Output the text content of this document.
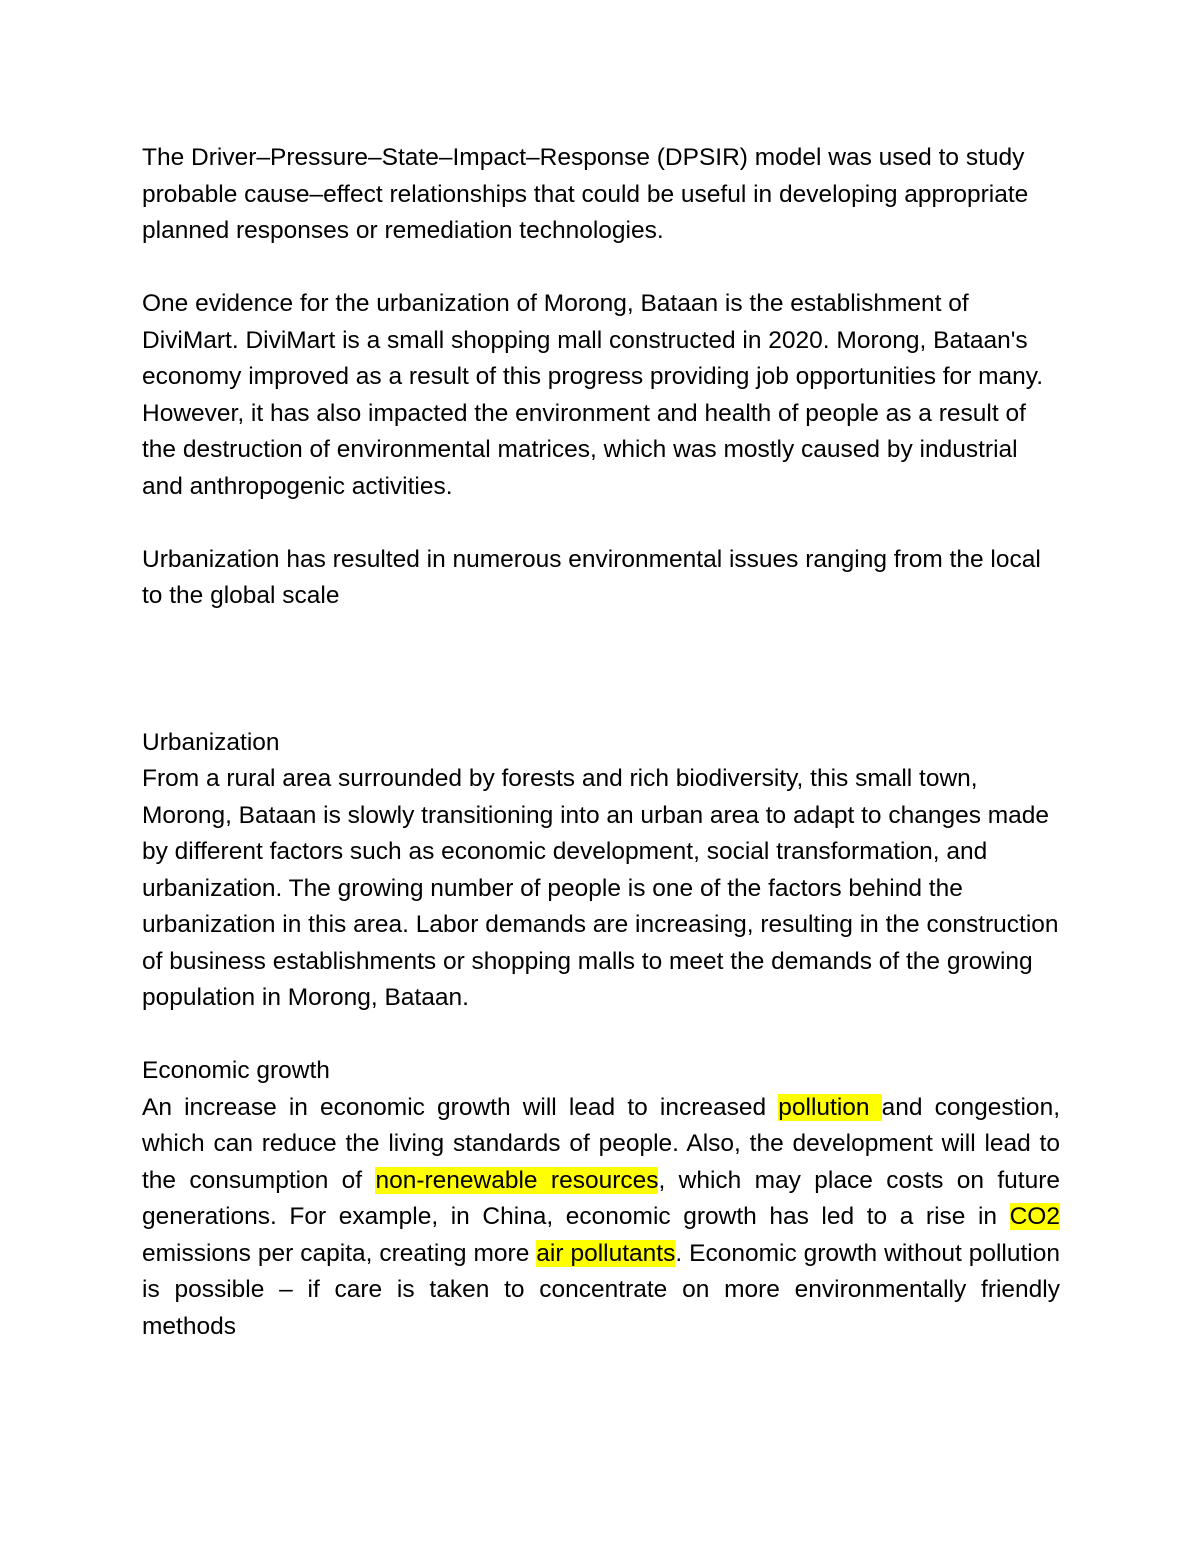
The Driver–Pressure–State–Impact–Response (DPSIR) model was used to study probable cause–effect relationships that could be useful in developing appropriate planned responses or remediation technologies.

One evidence for the urbanization of Morong, Bataan is the establishment of DiviMart. DiviMart is a small shopping mall constructed in 2020. Morong, Bataan's economy improved as a result of this progress providing job opportunities for many. However, it has also impacted the environment and health of people as a result of the destruction of environmental matrices, which was mostly caused by industrial and anthropogenic activities.

Urbanization has resulted in numerous environmental issues ranging from the local to the global scale

Urbanization

From a rural area surrounded by forests and rich biodiversity, this small town, Morong, Bataan is slowly transitioning into an urban area to adapt to changes made by different factors such as economic development, social transformation, and urbanization. The growing number of people is one of the factors behind the urbanization in this area. Labor demands are increasing, resulting in the construction of business establishments or shopping malls to meet the demands of the growing population in Morong, Bataan.

Economic growth

An increase in economic growth will lead to increased pollution and congestion, which can reduce the living standards of people. Also, the development will lead to the consumption of non-renewable resources, which may place costs on future generations. For example, in China, economic growth has led to a rise in CO2 emissions per capita, creating more air pollutants. Economic growth without pollution is possible – if care is taken to concentrate on more environmentally friendly methods
